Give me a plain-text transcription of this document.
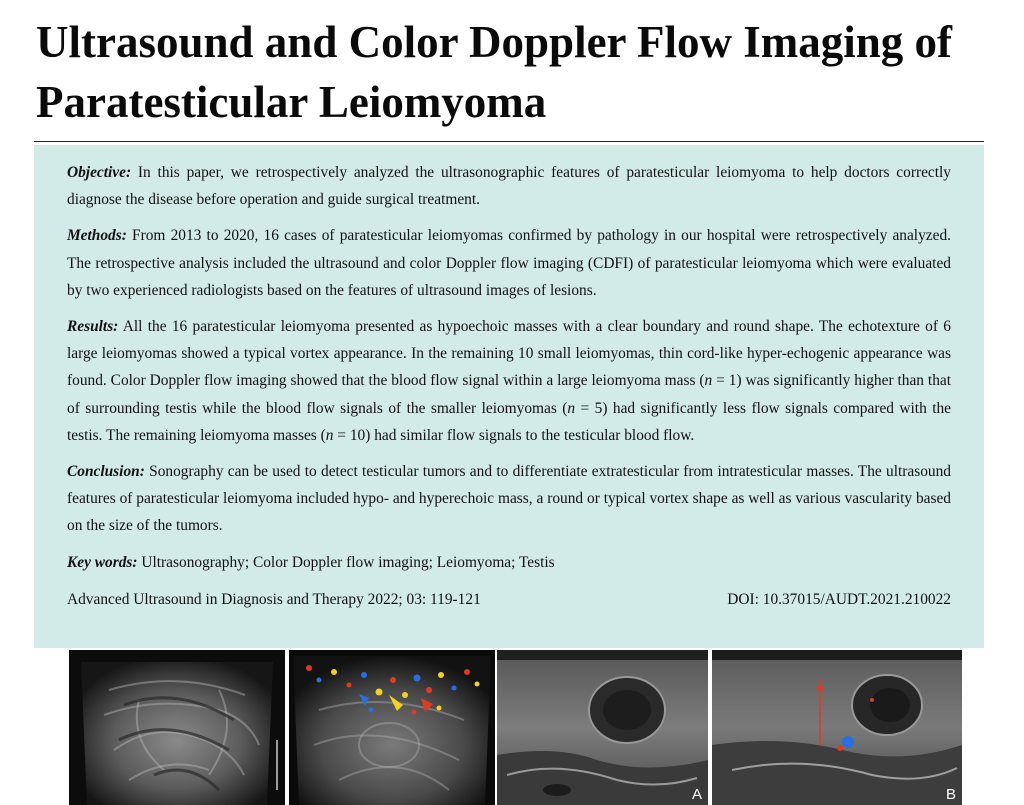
Ultrasound and Color Doppler Flow Imaging of Paratesticular Leiomyoma

Objective: In this paper, we retrospectively analyzed the ultrasonographic features of paratesticular leiomyoma to help doctors correctly diagnose the disease before operation and guide surgical treatment.

Methods: From 2013 to 2020, 16 cases of paratesticular leiomyomas confirmed by pathology in our hospital were retrospectively analyzed. The retrospective analysis included the ultrasound and color Doppler flow imaging (CDFI) of paratesticular leiomyoma which were evaluated by two experienced radiologists based on the features of ultrasound images of lesions.

Results: All the 16 paratesticular leiomyoma presented as hypoechoic masses with a clear boundary and round shape. The echotexture of 6 large leiomyomas showed a typical vortex appearance. In the remaining 10 small leiomyomas, thin cord-like hyper-echogenic appearance was found. Color Doppler flow imaging showed that the blood flow signal within a large leiomyoma mass (n = 1) was significantly higher than that of surrounding testis while the blood flow signals of the smaller leiomyomas (n = 5) had significantly less flow signals compared with the testis. The remaining leiomyoma masses (n = 10) had similar flow signals to the testicular blood flow.

Conclusion: Sonography can be used to detect testicular tumors and to differentiate extratesticular from intratesticular masses. The ultrasound features of paratesticular leiomyoma included hypo- and hyperechoic mass, a round or typical vortex shape as well as various vascularity based on the size of the tumors.

Key words: Ultrasonography; Color Doppler flow imaging; Leiomyoma; Testis

Advanced Ultrasound in Diagnosis and Therapy 2022; 03: 119-121	DOI: 10.37015/AUDT.2021.210022
A	B
